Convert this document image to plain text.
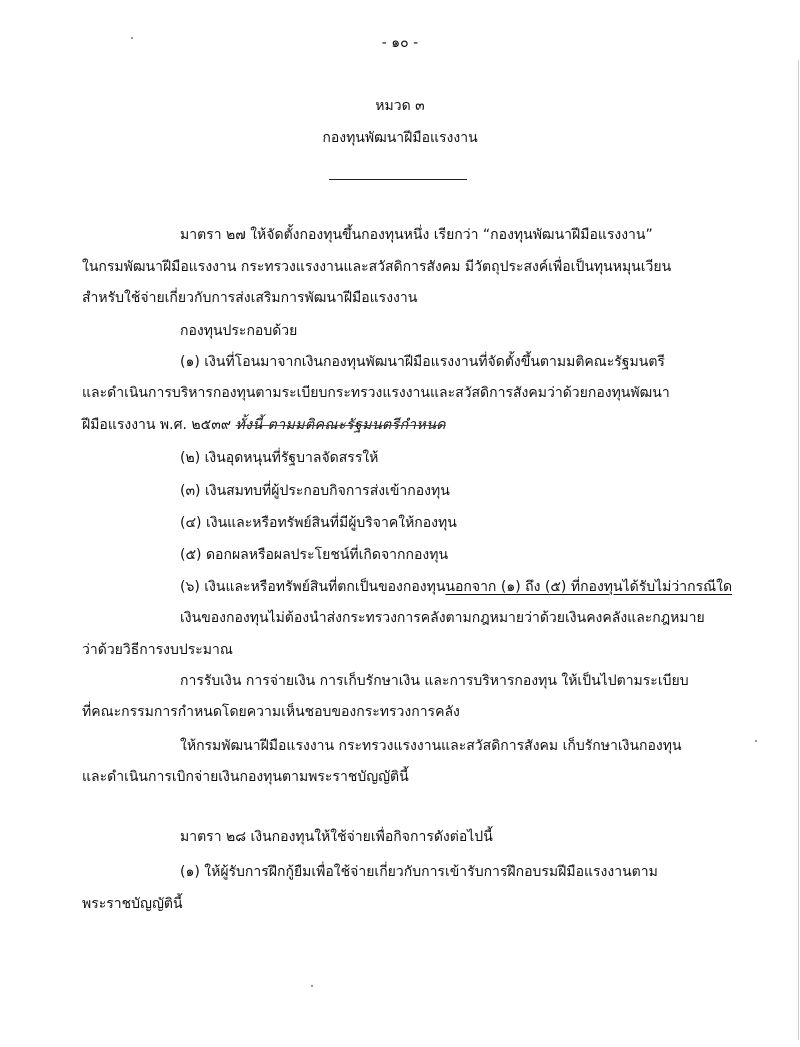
- ๑๐ -
หมวด ๓
กองทุนพัฒนาฝีมือแรงงาน
มาตรา ๒๗ ให้จัดตั้งกองทุนขึ้นกองทุนหนึ่ง เรียกว่า “กองทุนพัฒนาฝีมือแรงงาน”
ในกรมพัฒนาฝีมือแรงงาน กระทรวงแรงงานและสวัสดิการสังคม มีวัตถุประสงค์เพื่อเป็นทุนหมุนเวียน
สำหรับใช้จ่ายเกี่ยวกับการส่งเสริมการพัฒนาฝีมือแรงงาน
กองทุนประกอบด้วย
(๑) เงินที่โอนมาจากเงินกองทุนพัฒนาฝีมือแรงงานที่จัดตั้งขึ้นตามมติคณะรัฐมนตรี
และดำเนินการบริหารกองทุนตามระเบียบกระทรวงแรงงานและสวัสดิการสังคมว่าด้วยกองทุนพัฒนา
ฝีมือแรงงาน พ.ศ. ๒๕๓๙ ทั้งนี้ ตามมติคณะรัฐมนตรีกำหนด
(๒) เงินอุดหนุนที่รัฐบาลจัดสรรให้
(๓) เงินสมทบที่ผู้ประกอบกิจการส่งเข้ากองทุน
(๔) เงินและหรือทรัพย์สินที่มีผู้บริจาคให้กองทุน
(๕) ดอกผลหรือผลประโยชน์ที่เกิดจากกองทุน
(๖) เงินและหรือทรัพย์สินที่ตกเป็นของกองทุนนอกจาก (๑) ถึง (๕) ที่กองทุนได้รับไม่ว่ากรณีใด
เงินของกองทุนไม่ต้องนำส่งกระทรวงการคลังตามกฎหมายว่าด้วยเงินคงคลังและกฎหมาย
ว่าด้วยวิธีการงบประมาณ
การรับเงิน การจ่ายเงิน การเก็บรักษาเงิน และการบริหารกองทุน ให้เป็นไปตามระเบียบ
ที่คณะกรรมการกำหนดโดยความเห็นชอบของกระทรวงการคลัง
ให้กรมพัฒนาฝีมือแรงงาน กระทรวงแรงงานและสวัสดิการสังคม เก็บรักษาเงินกองทุน
และดำเนินการเบิกจ่ายเงินกองทุนตามพระราชบัญญัตินี้
มาตรา ๒๘ เงินกองทุนให้ใช้จ่ายเพื่อกิจการดังต่อไปนี้
(๑) ให้ผู้รับการฝึกกู้ยืมเพื่อใช้จ่ายเกี่ยวกับการเข้ารับการฝึกอบรมฝีมือแรงงานตาม
พระราชบัญญัตินี้
